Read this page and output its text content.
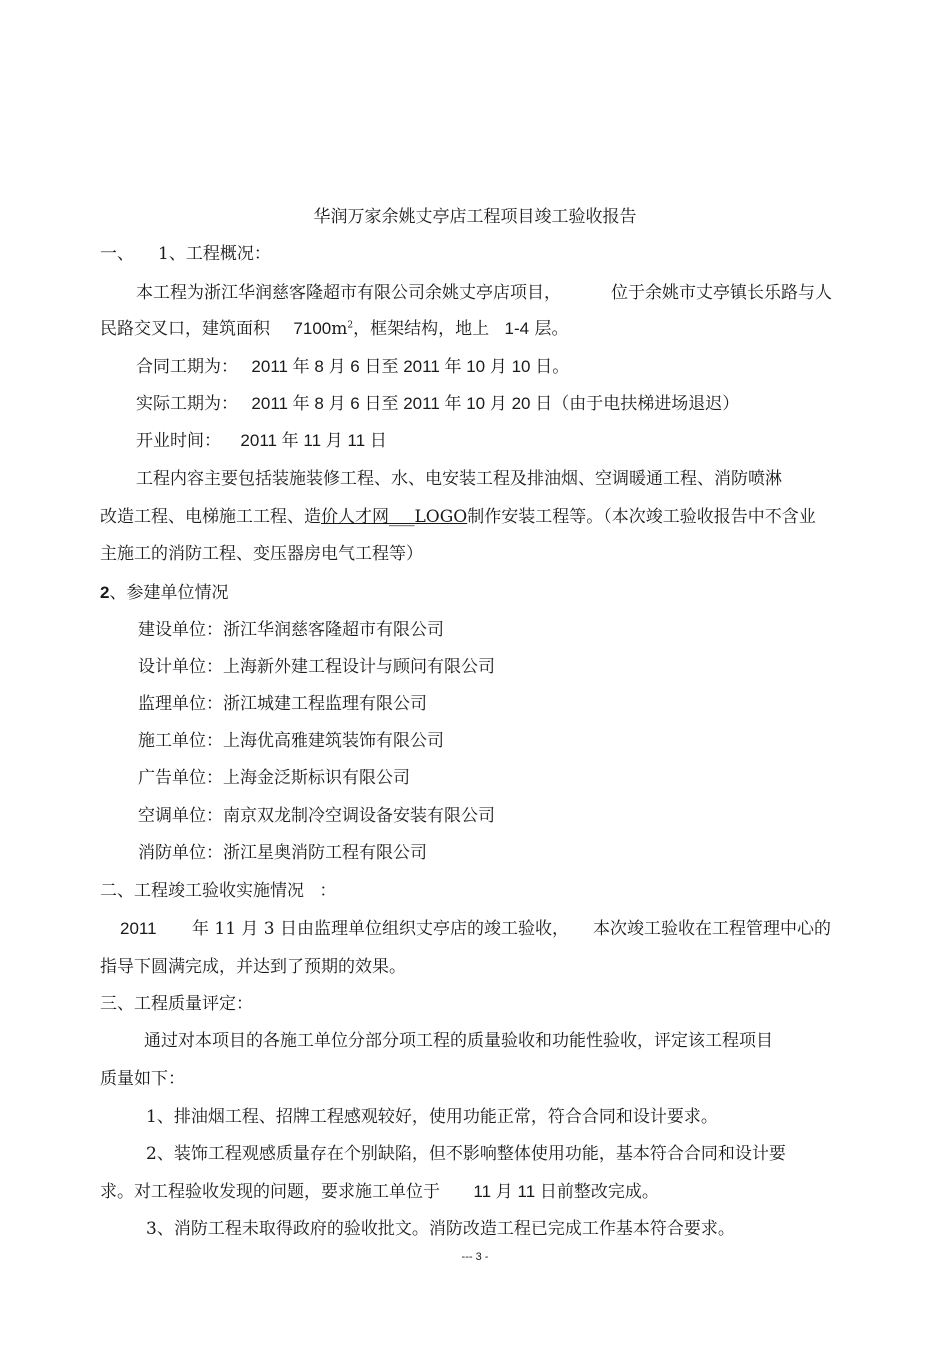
华润万家余姚丈亭店工程项目竣工验收报告
一、 1、工程概况：
本工程为浙江华润慈客隆超市有限公司余姚丈亭店项目，	位于余姚市丈亭镇长乐路与人
民路交叉口，建筑面积 $7100m^2$，框架结构，地上 1-4 层。
合同工期为： 2011 年 8 月 6 日至 2011 年 10 月 10 日。
实际工期为： 2011 年 8 月 6 日至 2011 年 10 月 20 日（由于电扶梯进场退迟）
开业时间： 2011 年 11 月 11 日
工程内容主要包括装施装修工程、水、电安装工程及排油烟、空调暖通工程、消防喷淋
改造工程、电梯施工工程、造价人才网___LOGO制作安装工程等。（本次竣工验收报告中不含业
主施工的消防工程、变压器房电气工程等）
2、参建单位情况
建设单位：浙江华润慈客隆超市有限公司
设计单位：上海新外建工程设计与顾问有限公司
监理单位：浙江城建工程监理有限公司
施工单位：上海优高雅建筑装饰有限公司
广告单位：上海金泛斯标识有限公司
空调单位：南京双龙制冷空调设备安装有限公司
消防单位：浙江星奥消防工程有限公司
二、工程竣工验收实施情况 ：
2011 年 11 月 3 日由监理单位组织丈亭店的竣工验收， 本次竣工验收在工程管理中心的
指导下圆满完成，并达到了预期的效果。
三、工程质量评定：
通过对本项目的各施工单位分部分项工程的质量验收和功能性验收，评定该工程项目
质量如下：
1、排油烟工程、招牌工程感观较好，使用功能正常，符合合同和设计要求。
2、装饰工程观感质量存在个别缺陷，但不影响整体使用功能，基本符合合同和设计要
求。对工程验收发现的问题，要求施工单位于 11 月 11 日前整改完成。
3、消防工程未取得政府的验收批文。消防改造工程已完成工作基本符合要求。
--- 3 -
